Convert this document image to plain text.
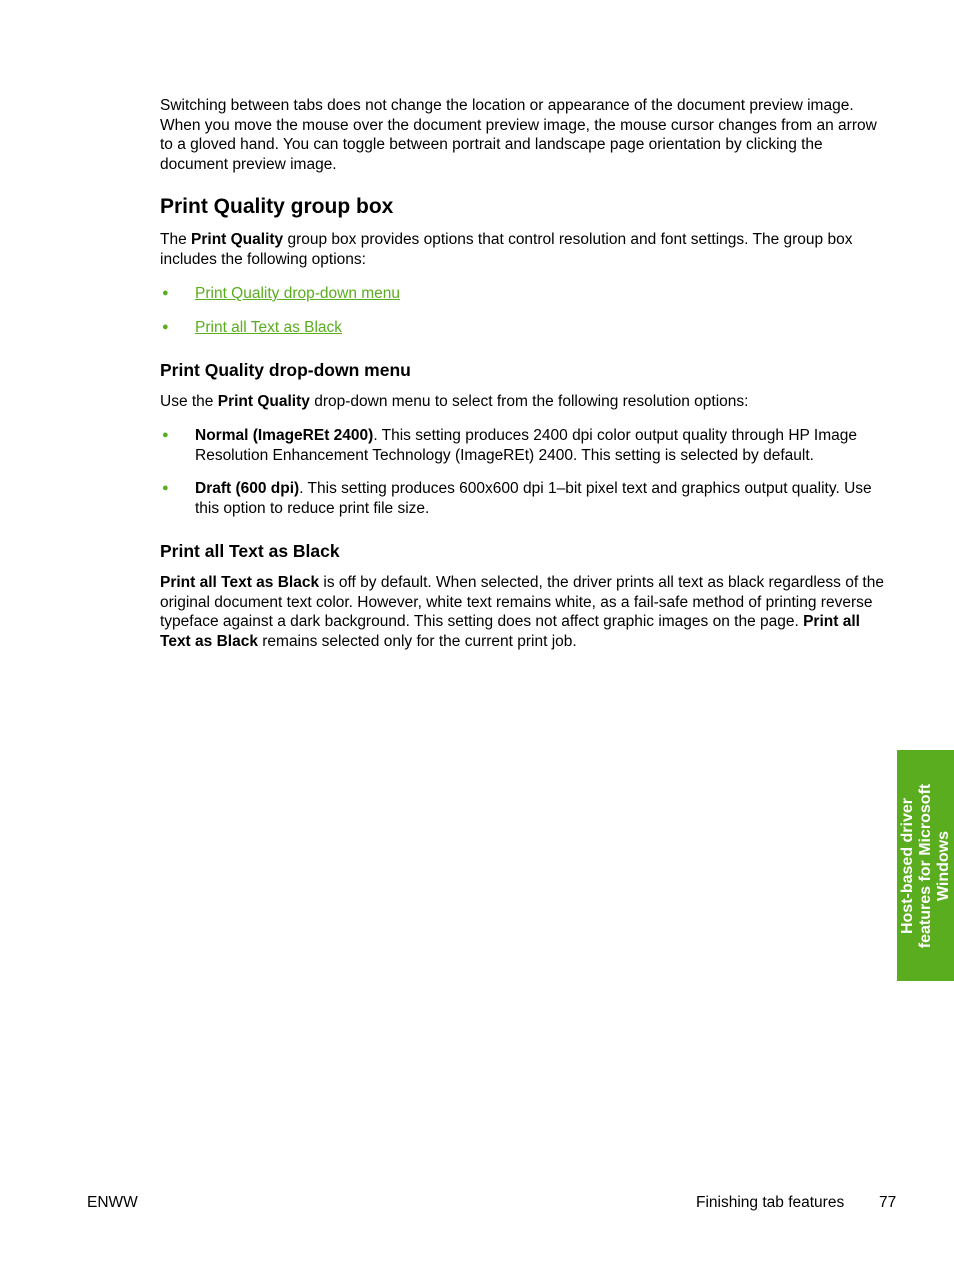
Switching between tabs does not change the location or appearance of the document preview image. When you move the mouse over the document preview image, the mouse cursor changes from an arrow to a gloved hand. You can toggle between portrait and landscape page orientation by clicking the document preview image.

Print Quality group box

The Print Quality group box provides options that control resolution and font settings. The group box includes the following options:

● Print Quality drop-down menu
● Print all Text as Black
Print Quality drop-down menu

Use the Print Quality drop-down menu to select from the following resolution options:

● Normal (ImageREt 2400). This setting produces 2400 dpi color output quality through HP Image Resolution Enhancement Technology (ImageREt) 2400. This setting is selected by default.
● Draft (600 dpi). This setting produces 600x600 dpi 1–bit pixel text and graphics output quality. Use this option to reduce print file size.
Print all Text as Black

Print all Text as Black is off by default. When selected, the driver prints all text as black regardless of the original document text color. However, white text remains white, as a fail-safe method of printing reverse typeface against a dark background. This setting does not affect graphic images on the page. Print all Text as Black remains selected only for the current print job.

Host-based driver features for Microsoft Windows
ENWW	Finishing tab features 77
